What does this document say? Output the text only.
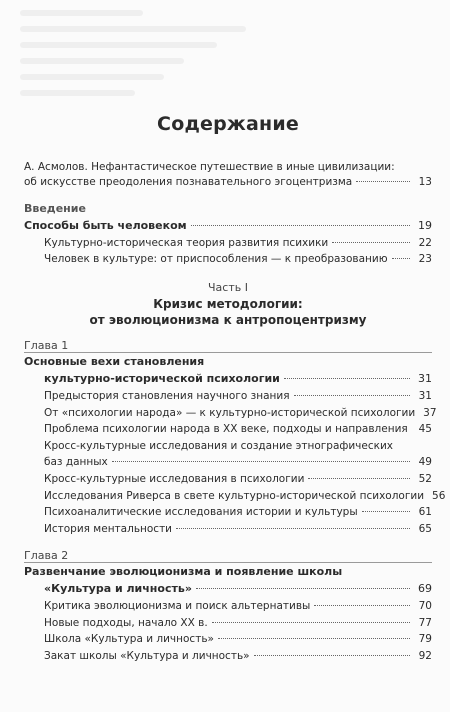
Содержание
А. Асмолов. Нефантастическое путешествие в иные цивилизации:
об искусстве преодоления познавательного эгоцентризма	13
Введение
Способы быть человеком	19
Культурно-историческая теория развития психики	22
Человек в культуре: от приспособления — к преобразованию	23
Часть I
Кризис методологии:
от эволюционизма к антропоцентризму
Глава 1
Основные вехи становления
культурно-исторической психологии	31
Предыстория становления научного знания	31
От «психологии народа» — к культурно-исторической психологии 37
Проблема психологии народа в XX веке, подходы и направления 45
Кросс-культурные исследования и создание этнографических
баз данных	49
Кросс-культурные исследования в психологии	52
Исследования Риверса в свете культурно-исторической психологии 56
Психоаналитические исследования истории и культуры	61
История ментальности	65
Глава 2
Развенчание эволюционизма и появление школы
«Культура и личность»	69
Критика эволюционизма и поиск альтернативы	70
Новые подходы, начало XX в.	77
Школа «Культура и личность»	79
Закат школы «Культура и личность»	92
